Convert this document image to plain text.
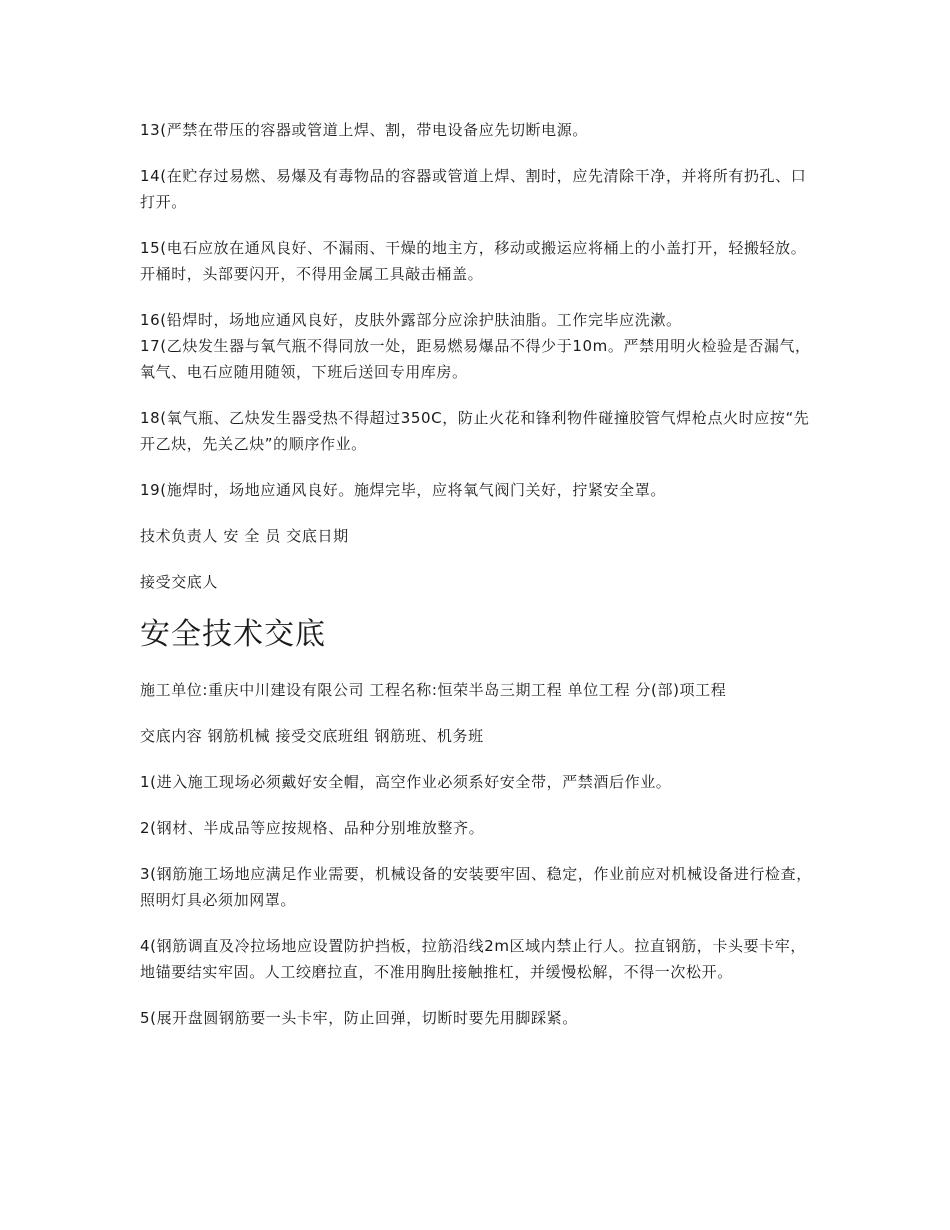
13(严禁在带压的容器或管道上焊、割，带电设备应先切断电源。

14(在贮存过易燃、易爆及有毒物品的容器或管道上焊、割时，应先清除干净，并将所有扔孔、口打开。

15(电石应放在通风良好、不漏雨、干燥的地主方，移动或搬运应将桶上的小盖打开，轻搬轻放。开桶时，头部要闪开，不得用金属工具敲击桶盖。

16(铅焊时，场地应通风良好，皮肤外露部分应涂护肤油脂。工作完毕应洗漱。

17(乙炔发生器与氧气瓶不得同放一处，距易燃易爆品不得少于10m。严禁用明火检验是否漏气，氧气、电石应随用随领，下班后送回专用库房。

18(氧气瓶、乙炔发生器受热不得超过350C，防止火花和锋利物件碰撞胶管气焊枪点火时应按“先开乙炔，先关乙炔”的顺序作业。

19(施焊时，场地应通风良好。施焊完毕，应将氧气阀门关好，拧紧安全罩。

技术负责人 安 全 员 交底日期

接受交底人

安全技术交底

施工单位:重庆中川建设有限公司 工程名称:恒荣半岛三期工程 单位工程 分(部)项工程

交底内容 钢筋机械 接受交底班组 钢筋班、机务班

1(进入施工现场必须戴好安全帽，高空作业必须系好安全带，严禁酒后作业。

2(钢材、半成品等应按规格、品种分别堆放整齐。

3(钢筋施工场地应满足作业需要，机械设备的安装要牢固、稳定，作业前应对机械设备进行检查，照明灯具必须加网罩。

4(钢筋调直及冷拉场地应设置防护挡板，拉筋沿线2m区域内禁止行人。拉直钢筋，卡头要卡牢，地锚要结实牢固。人工绞磨拉直，不准用胸肚接触推杠，并缓慢松解，不得一次松开。

5(展开盘圆钢筋要一头卡牢，防止回弹，切断时要先用脚踩紧。
